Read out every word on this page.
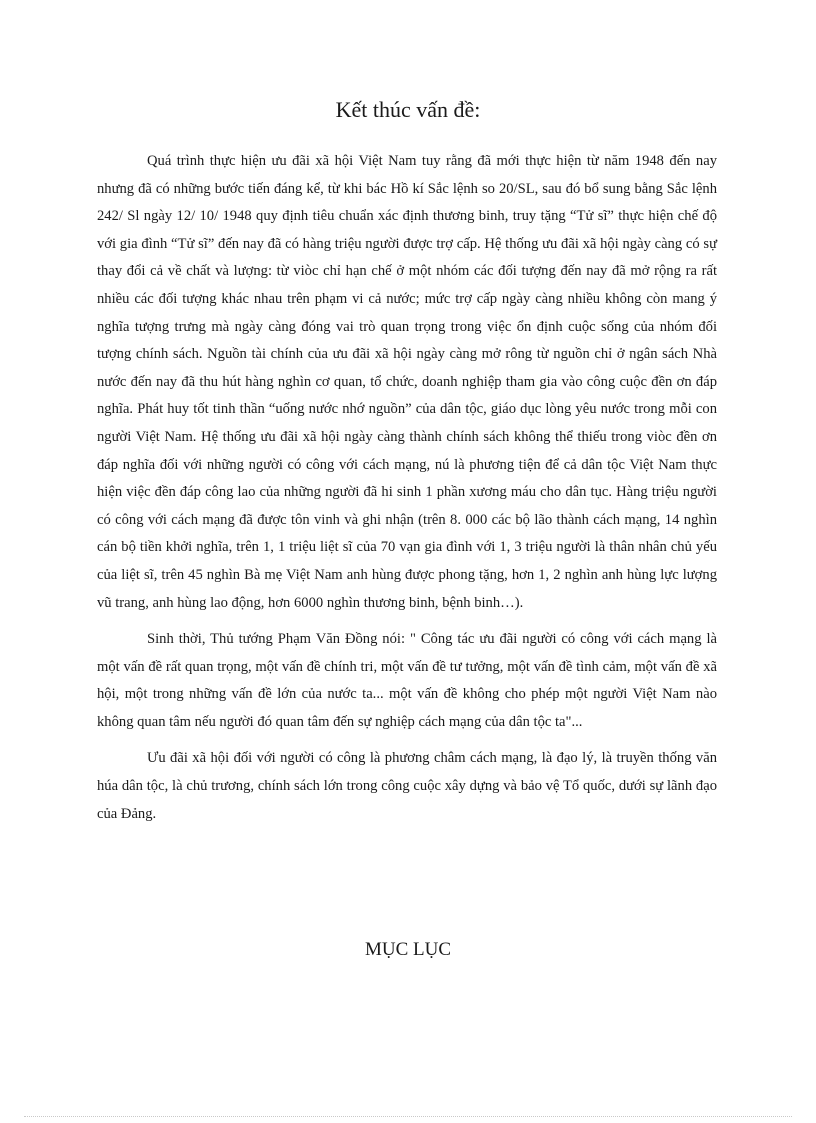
Kết thúc vấn đề:

Quá trình thực hiện ưu đãi xã hội Việt Nam tuy rằng đã mới thực hiện từ năm 1948 đến nay nhưng đã có những bước tiến đáng kể, từ khi bác Hồ kí Sắc lệnh so 20/SL, sau đó bổ sung bằng Sắc lệnh 242/ Sl ngày 12/ 10/ 1948 quy định tiêu chuẩn xác định thương binh, truy tặng “Tử sĩ” thực hiện chế độ với gia đình “Tử sĩ” đến nay đã có hàng triệu người được trợ cấp. Hệ thống ưu đãi xã hội ngày càng có sự thay đổi cả về chất và lượng: từ viòc chỉ hạn chế ở một nhóm các đối tượng đến nay đã mở rộng ra rất nhiều các đối tượng khác nhau trên phạm vi cả nước; mức trợ cấp ngày càng nhiều không còn mang ý nghĩa tượng trưng mà ngày càng đóng vai trò quan trọng trong việc ổn định cuộc sống của nhóm đối tượng chính sách. Nguồn tài chính của ưu đãi xã hội ngày càng mở rông từ nguồn chỉ ở ngân sách Nhà nước đến nay đã thu hút hàng nghìn cơ quan, tổ chức, doanh nghiệp tham gia vào công cuộc đền ơn đáp nghĩa. Phát huy tốt tinh thần “uống nước nhớ nguồn” của dân tộc, giáo dục lòng yêu nước trong mỗi con người Việt Nam. Hệ thống ưu đãi xã hội ngày càng thành chính sách không thể thiếu trong viòc đền ơn đáp nghĩa đối với những người có công với cách mạng, nú là phương tiện để cả dân tộc Việt Nam thực hiện việc đền đáp công lao của những người đã hi sinh 1 phần xương máu cho dân tục. Hàng triệu người có công với cách mạng đã được tôn vinh và ghi nhận (trên 8. 000 các bộ lão thành cách mạng, 14 nghìn cán bộ tiền khởi nghĩa, trên 1, 1 triệu liệt sĩ của 70 vạn gia đình với 1, 3 triệu người là thân nhân chủ yếu của liệt sĩ, trên 45 nghìn Bà mẹ Việt Nam anh hùng được phong tặng, hơn 1, 2 nghìn anh hùng lực lượng vũ trang, anh hùng lao động, hơn 6000 nghìn thương binh, bệnh binh…).

Sinh thời, Thủ tướng Phạm Văn Đồng nói: " Công tác ưu đãi người có công với cách mạng là một vấn đề rất quan trọng, một vấn đề chính tri, một vấn đề tư tưởng, một vấn đề tình cảm, một vấn đề xã hội, một trong những vấn đề lớn của nước ta... một vấn đề không cho phép một người Việt Nam nào không quan tâm nếu người đó quan tâm đến sự nghiệp cách mạng của dân tộc ta"...

Ưu đãi xã hội đối với người có công là phương châm cách mạng, là đạo lý, là truyền thống văn húa dân tộc, là chủ trương, chính sách lớn trong công cuộc xây dựng và bảo vệ Tổ quốc, dưới sự lãnh đạo của Đảng.

MỤC LỤC
